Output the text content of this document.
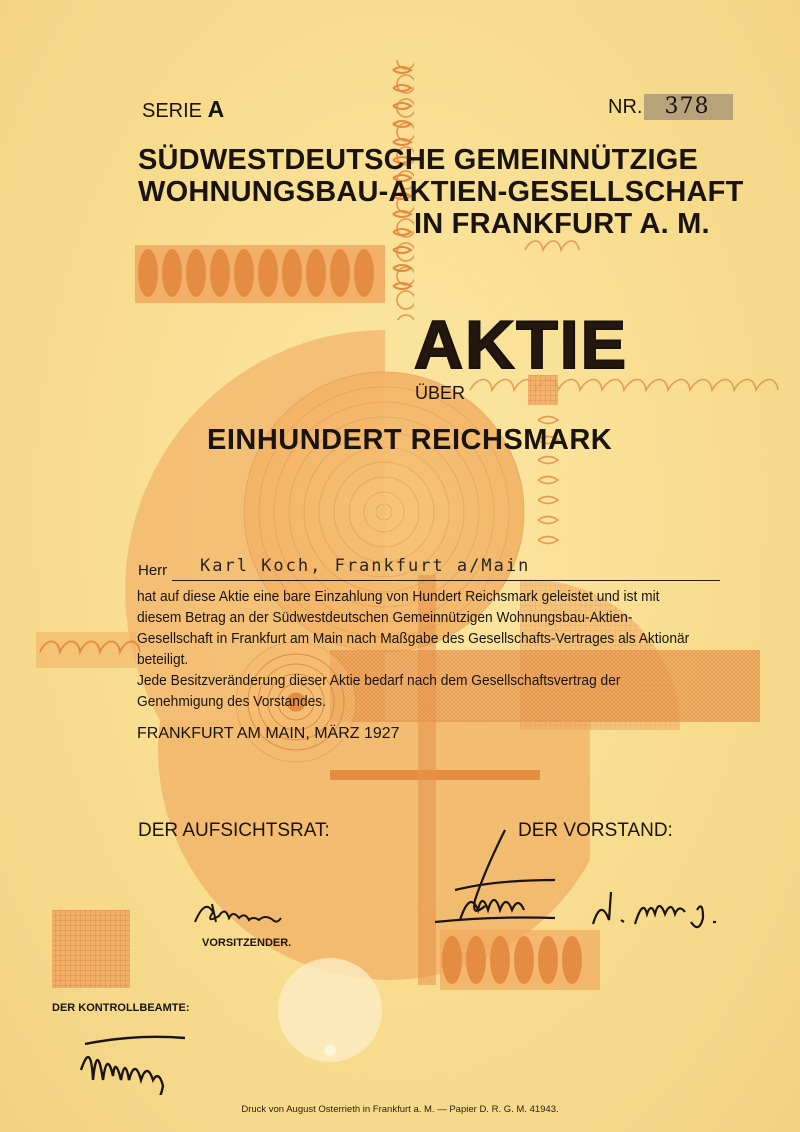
SERIE A	NR. 378
SÜDWESTDEUTSCHE GEMEINNÜTZIGE
WOHNUNGSBAU-AKTIEN-GESELLSCHAFT
IN FRANKFURT A. M.
AKTIE
ÜBER
EINHUNDERT REICHSMARK
Herr Karl Koch, Frankfurt a/Main
hat auf diese Aktie eine bare Einzahlung von Hundert Reichsmark geleistet und ist mit diesem Betrag an der Südwestdeutschen Gemeinnützigen Wohnungsbau-Aktien-Gesellschaft in Frankfurt am Main nach Maßgabe des Gesellschafts-Vertrages als Aktionär beteiligt.
Jede Besitzveränderung dieser Aktie bedarf nach dem Gesellschaftsvertrag der Genehmigung des Vorstandes.
FRANKFURT AM MAIN, MÄRZ 1927
DER AUFSICHTSRAT:	DER VORSTAND:
VORSITZENDER.
DER KONTROLLBEAMTE:
Druck von August Osterrieth in Frankfurt a. M. — Papier D. R. G. M. 41943.
